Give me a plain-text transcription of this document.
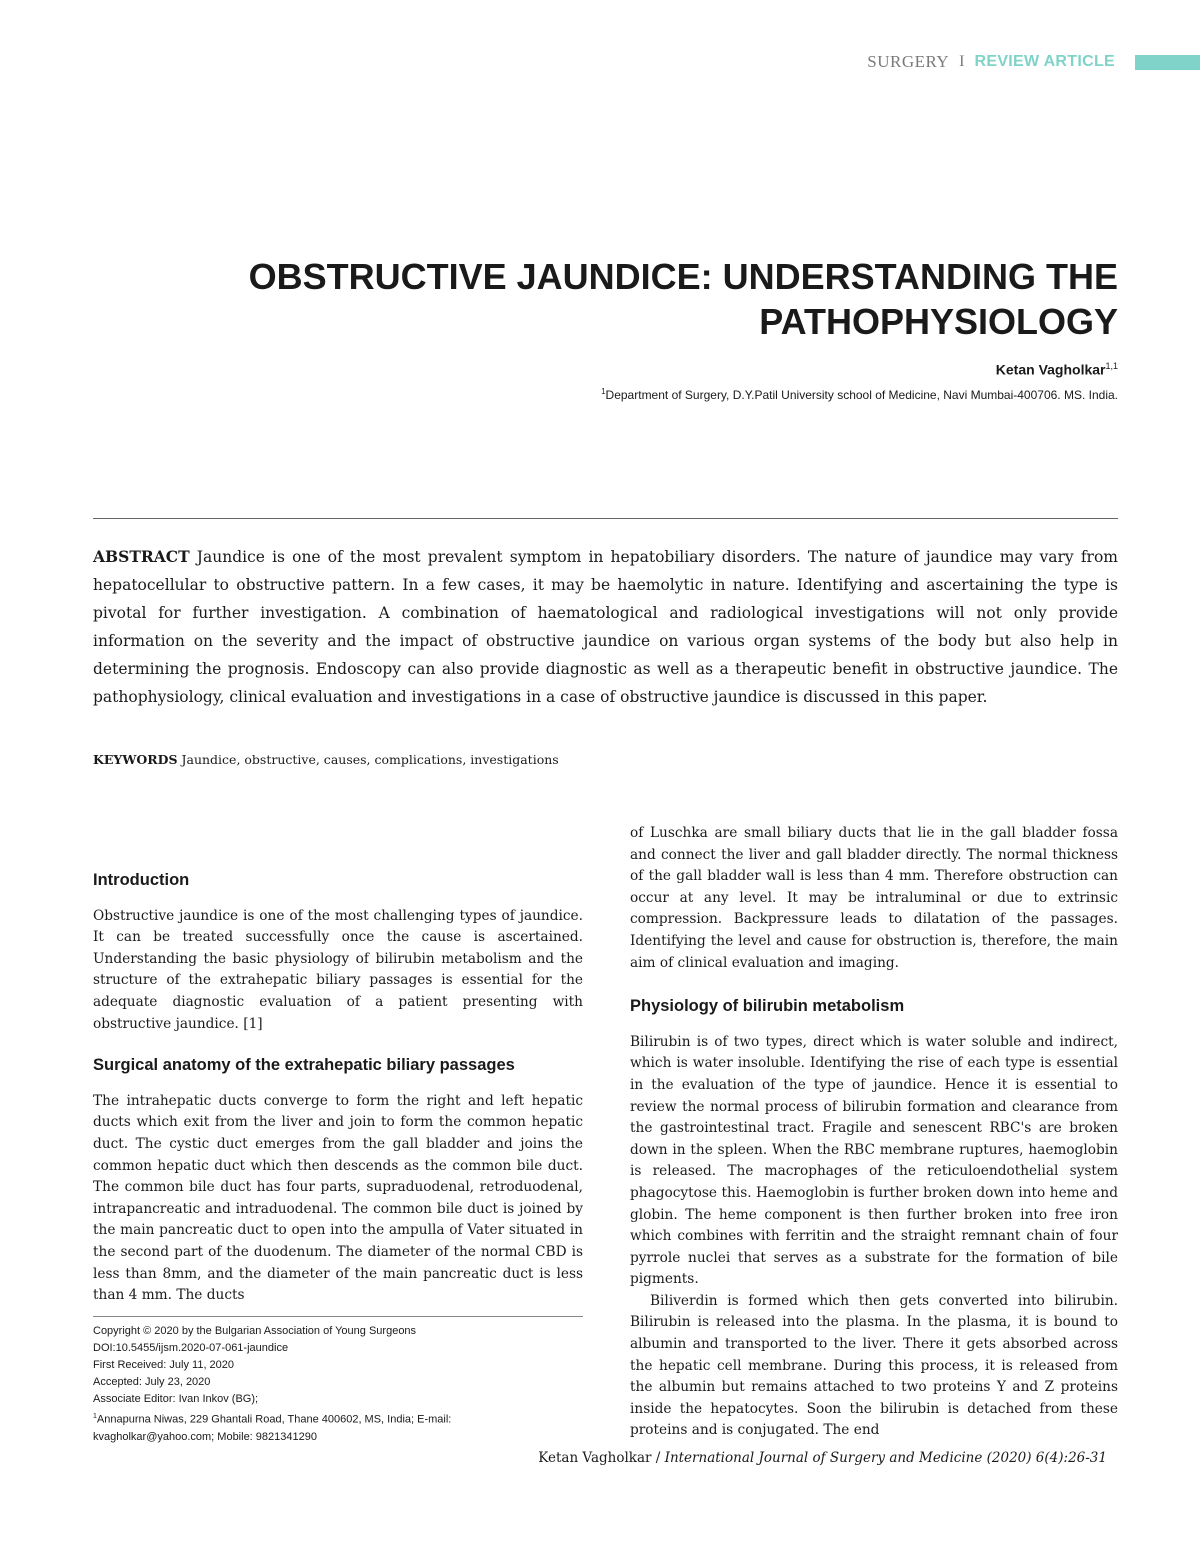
SURGERY I REVIEW ARTICLE
OBSTRUCTIVE JAUNDICE: UNDERSTANDING THE
PATHOPHYSIOLOGY
Ketan Vagholkar$^{1,1}$
$^1$Department of Surgery, D.Y.Patil University school of Medicine, Navi Mumbai-400706. MS. India.

ABSTRACT Jaundice is one of the most prevalent symptom in hepatobiliary disorders. The nature of jaundice may vary from hepatocellular to obstructive pattern. In a few cases, it may be haemolytic in nature. Identifying and ascertaining the type is pivotal for further investigation. A combination of haematological and radiological investigations will not only provide information on the severity and the impact of obstructive jaundice on various organ systems of the body but also help in determining the prognosis. Endoscopy can also provide diagnostic as well as a therapeutic benefit in obstructive jaundice. The pathophysiology, clinical evaluation and investigations in a case of obstructive jaundice is discussed in this paper.

KEYWORDS Jaundice, obstructive, causes, complications, investigations
Introduction

Obstructive jaundice is one of the most challenging types of jaundice. It can be treated successfully once the cause is ascertained. Understanding the basic physiology of bilirubin metabolism and the structure of the extrahepatic biliary passages is essential for the adequate diagnostic evaluation of a patient presenting with obstructive jaundice. [1]

Surgical anatomy of the extrahepatic biliary passages

The intrahepatic ducts converge to form the right and left hepatic ducts which exit from the liver and join to form the common hepatic duct. The cystic duct emerges from the gall bladder and joins the common hepatic duct which then descends as the common bile duct. The common bile duct has four parts, supraduodenal, retroduodenal, intrapancreatic and intraduodenal. The common bile duct is joined by the main pancreatic duct to open into the ampulla of Vater situated in the second part of the duodenum. The diameter of the normal CBD is less than 8mm, and the diameter of the main pancreatic duct is less than 4 mm. The ducts

of Luschka are small biliary ducts that lie in the gall bladder fossa and connect the liver and gall bladder directly. The normal thickness of the gall bladder wall is less than 4 mm. Therefore obstruction can occur at any level. It may be intraluminal or due to extrinsic compression. Backpressure leads to dilatation of the passages. Identifying the level and cause for obstruction is, therefore, the main aim of clinical evaluation and imaging.

Physiology of bilirubin metabolism

Bilirubin is of two types, direct which is water soluble and indirect, which is water insoluble. Identifying the rise of each type is essential in the evaluation of the type of jaundice. Hence it is essential to review the normal process of bilirubin formation and clearance from the gastrointestinal tract. Fragile and senescent RBC's are broken down in the spleen. When the RBC membrane ruptures, haemoglobin is released. The macrophages of the reticuloendothelial system phagocytose this. Haemoglobin is further broken down into heme and globin. The heme component is then further broken into free iron which combines with ferritin and the straight remnant chain of four pyrrole nuclei that serves as a substrate for the formation of bile pigments.

Biliverdin is formed which then gets converted into bilirubin. Bilirubin is released into the plasma. In the plasma, it is bound to albumin and transported to the liver. There it gets absorbed across the hepatic cell membrane. During this process, it is released from the albumin but remains attached to two proteins Y and Z proteins inside the hepatocytes. Soon the bilirubin is detached from these proteins and is conjugated. The end

Copyright © 2020 by the Bulgarian Association of Young Surgeons
DOI:10.5455/ijsm.2020-07-061-jaundice
First Received: July 11, 2020
Accepted: July 23, 2020
Associate Editor: Ivan Inkov (BG);
$^1$Annapurna Niwas, 229 Ghantali Road, Thane 400602, MS, India; E-mail:
kvagholkar@yahoo.com; Mobile: 9821341290
Ketan Vagholkar / International Journal of Surgery and Medicine (2020) 6(4):26-31
